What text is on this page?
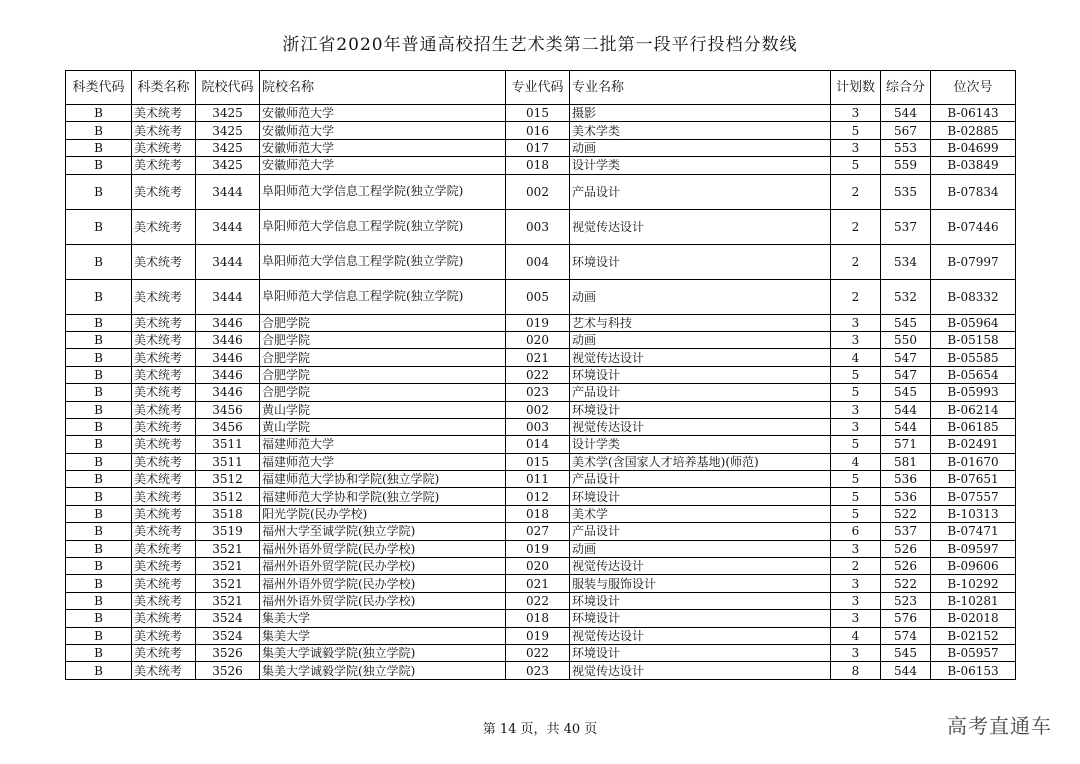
浙江省2020年普通高校招生艺术类第二批第一段平行投档分数线
科类代码	科类名称	院校代码	院校名称	专业代码	专业名称	计划数	综合分	位次号
B	美术统考	3425	安徽师范大学	015	摄影	3	544	B-06143
B	美术统考	3425	安徽师范大学	016	美术学类	5	567	B-02885
B	美术统考	3425	安徽师范大学	017	动画	3	553	B-04699
B	美术统考	3425	安徽师范大学	018	设计学类	5	559	B-03849
B	美术统考	3444	阜阳师范大学信息工程学院(独立学院)	002	产品设计	2	535	B-07834
B	美术统考	3444	阜阳师范大学信息工程学院(独立学院)	003	视觉传达设计	2	537	B-07446
B	美术统考	3444	阜阳师范大学信息工程学院(独立学院)	004	环境设计	2	534	B-07997
B	美术统考	3444	阜阳师范大学信息工程学院(独立学院)	005	动画	2	532	B-08332
B	美术统考	3446	合肥学院	019	艺术与科技	3	545	B-05964
B	美术统考	3446	合肥学院	020	动画	3	550	B-05158
B	美术统考	3446	合肥学院	021	视觉传达设计	4	547	B-05585
B	美术统考	3446	合肥学院	022	环境设计	5	547	B-05654
B	美术统考	3446	合肥学院	023	产品设计	5	545	B-05993
B	美术统考	3456	黄山学院	002	环境设计	3	544	B-06214
B	美术统考	3456	黄山学院	003	视觉传达设计	3	544	B-06185
B	美术统考	3511	福建师范大学	014	设计学类	5	571	B-02491
B	美术统考	3511	福建师范大学	015	美术学(含国家人才培养基地)(师范)	4	581	B-01670
B	美术统考	3512	福建师范大学协和学院(独立学院)	011	产品设计	5	536	B-07651
B	美术统考	3512	福建师范大学协和学院(独立学院)	012	环境设计	5	536	B-07557
B	美术统考	3518	阳光学院(民办学校)	018	美术学	5	522	B-10313
B	美术统考	3519	福州大学至诚学院(独立学院)	027	产品设计	6	537	B-07471
B	美术统考	3521	福州外语外贸学院(民办学校)	019	动画	3	526	B-09597
B	美术统考	3521	福州外语外贸学院(民办学校)	020	视觉传达设计	2	526	B-09606
B	美术统考	3521	福州外语外贸学院(民办学校)	021	服装与服饰设计	3	522	B-10292
B	美术统考	3521	福州外语外贸学院(民办学校)	022	环境设计	3	523	B-10281
B	美术统考	3524	集美大学	018	环境设计	3	576	B-02018
B	美术统考	3524	集美大学	019	视觉传达设计	4	574	B-02152
B	美术统考	3526	集美大学诚毅学院(独立学院)	022	环境设计	3	545	B-05957
B	美术统考	3526	集美大学诚毅学院(独立学院)	023	视觉传达设计	8	544	B-06153
第 14 页，共 40 页	高考直通车
